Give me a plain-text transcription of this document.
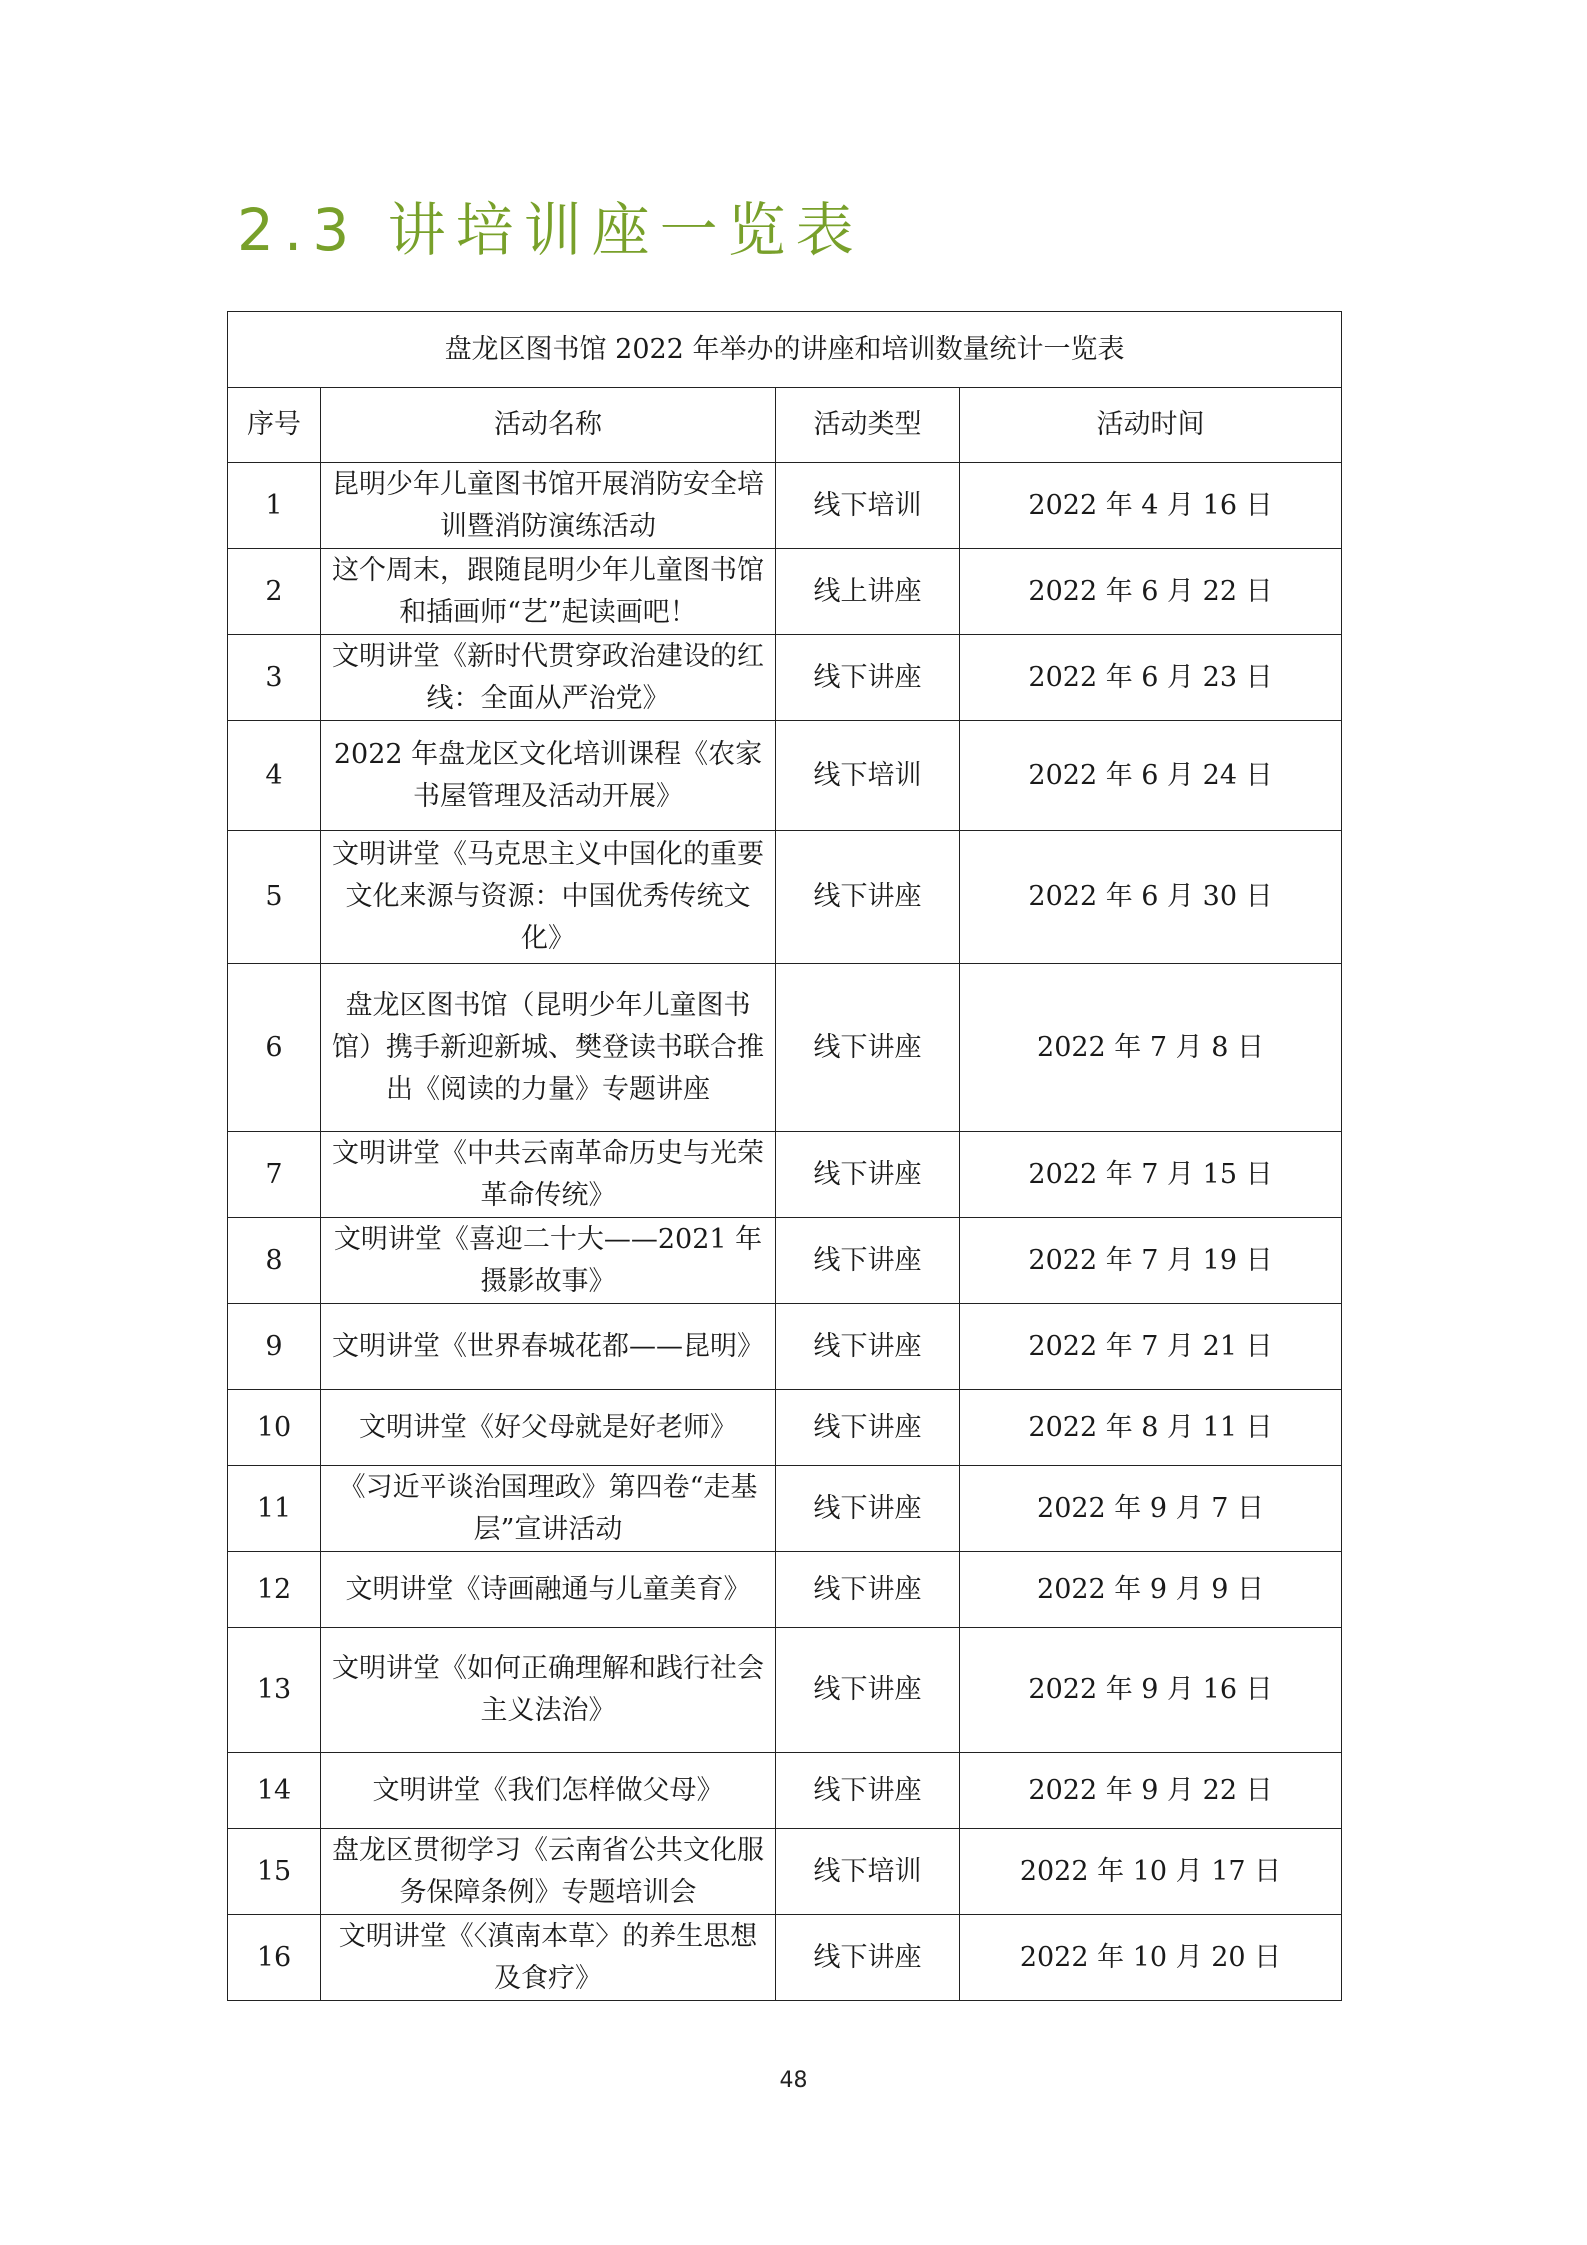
2.3 讲培训座一览表
盘龙区图书馆 2022 年举办的讲座和培训数量统计一览表			
序号	活动名称	活动类型	活动时间
1	昆明少年儿童图书馆开展消防安全培训暨消防演练活动	线下培训	2022 年 4 月 16 日
2	这个周末，跟随昆明少年儿童图书馆和插画师“艺”起读画吧！	线上讲座	2022 年 6 月 22 日
3	文明讲堂《新时代贯穿政治建设的红线：全面从严治党》	线下讲座	2022 年 6 月 23 日
4	2022 年盘龙区文化培训课程《农家书屋管理及活动开展》	线下培训	2022 年 6 月 24 日
5	文明讲堂《马克思主义中国化的重要文化来源与资源：中国优秀传统文化》	线下讲座	2022 年 6 月 30 日
6	盘龙区图书馆（昆明少年儿童图书馆）携手新迎新城、樊登读书联合推出《阅读的力量》专题讲座	线下讲座	2022 年 7 月 8 日
7	文明讲堂《中共云南革命历史与光荣革命传统》	线下讲座	2022 年 7 月 15 日
8	文明讲堂《喜迎二十大——2021 年摄影故事》	线下讲座	2022 年 7 月 19 日
9	文明讲堂《世界春城花都——昆明》	线下讲座	2022 年 7 月 21 日
10	文明讲堂《好父母就是好老师》	线下讲座	2022 年 8 月 11 日
11	《习近平谈治国理政》第四卷“走基层”宣讲活动	线下讲座	2022 年 9 月 7 日
12	文明讲堂《诗画融通与儿童美育》	线下讲座	2022 年 9 月 9 日
13	文明讲堂《如何正确理解和践行社会主义法治》	线下讲座	2022 年 9 月 16 日
14	文明讲堂《我们怎样做父母》	线下讲座	2022 年 9 月 22 日
15	盘龙区贯彻学习《云南省公共文化服务保障条例》专题培训会	线下培训	2022 年 10 月 17 日
16	文明讲堂《〈滇南本草〉的养生思想及食疗》	线下讲座	2022 年 10 月 20 日

48
